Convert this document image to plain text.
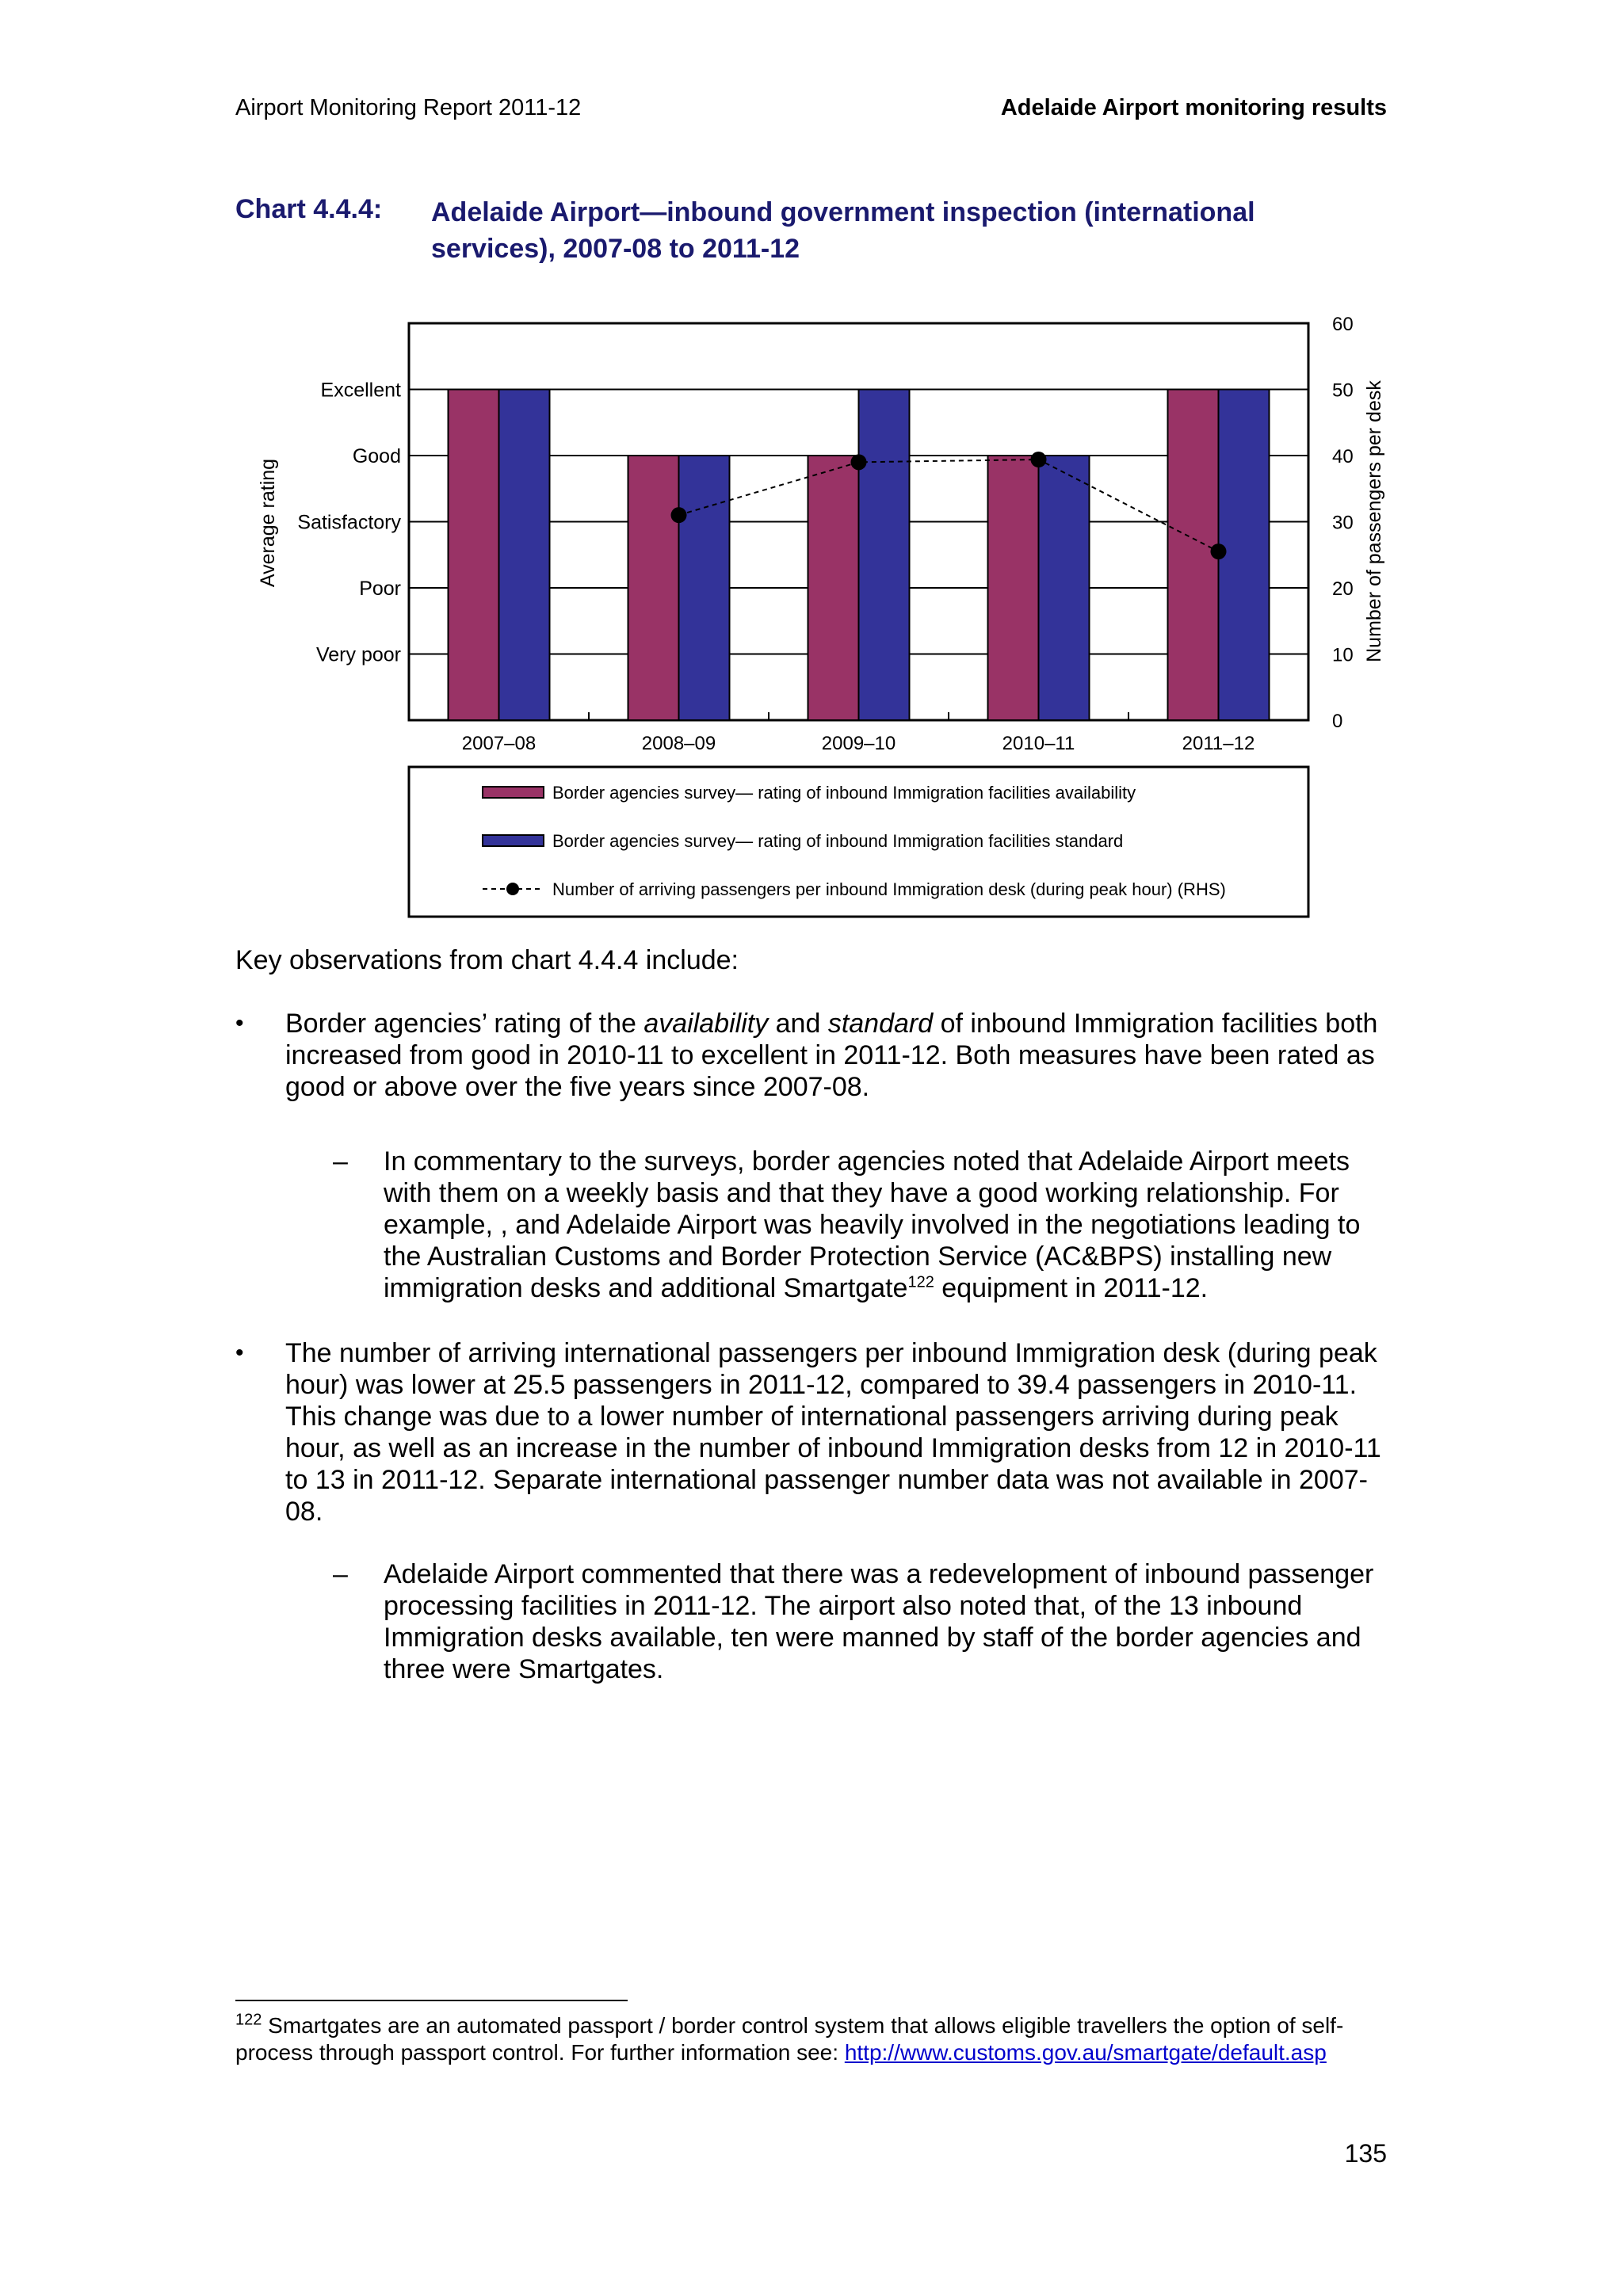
Airport Monitoring Report 2011-12	Adelaide Airport monitoring results
Chart 4.4.4: Adelaide Airport—inbound government inspection (international services), 2007-08 to 2011-12
2007–08	2008–09	2009–10	2010–11	2011–12
Very poor
Poor
Satisfactory
Good
Excellent
Average rating
0
10
20
30
40
50
60
Number of passengers per desk
Border agencies survey— rating of inbound Immigration facilities availability
Border agencies survey— rating of inbound Immigration facilities standard
Number of arriving passengers per inbound Immigration desk (during peak hour) (RHS)
Key observations from chart 4.4.4 include:
• Border agencies’ rating of the availability and standard of inbound Immigration facilities both increased from good in 2010-11 to excellent in 2011-12. Both measures have been rated as good or above over the five years since 2007-08.
– In commentary to the surveys, border agencies noted that Adelaide Airport meets with them on a weekly basis and that they have a good working relationship. For example, , and Adelaide Airport was heavily involved in the negotiations leading to the Australian Customs and Border Protection Service (AC&BPS) installing new immigration desks and additional Smartgate$^{122}$ equipment in 2011-12.
• The number of arriving international passengers per inbound Immigration desk (during peak hour) was lower at 25.5 passengers in 2011-12, compared to 39.4 passengers in 2010-11. This change was due to a lower number of international passengers arriving during peak hour, as well as an increase in the number of inbound Immigration desks from 12 in 2010-11 to 13 in 2011-12. Separate international passenger number data was not available in 2007-08.
– Adelaide Airport commented that there was a redevelopment of inbound passenger processing facilities in 2011-12. The airport also noted that, of the 13 inbound Immigration desks available, ten were manned by staff of the border agencies and three were Smartgates.
$^{122}$ Smartgates are an automated passport / border control system that allows eligible travellers the option of self-process through passport control. For further information see: http://www.customs.gov.au/smartgate/default.asp
135
